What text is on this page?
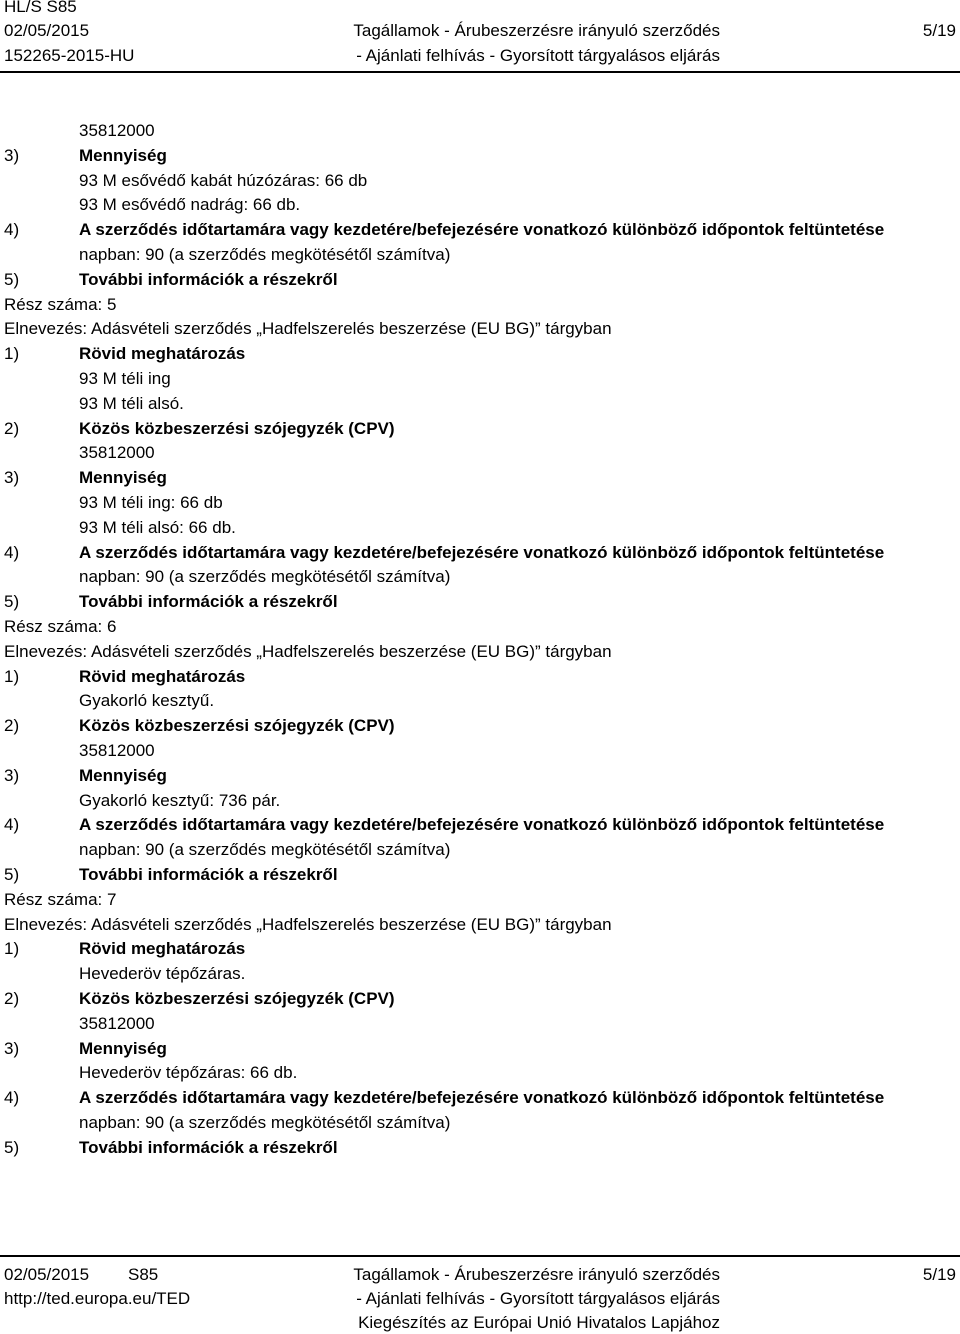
HL/S S85
02/05/2015
152265-2015-HU
Tagállamok - Árubeszerzésre irányuló szerződés
- Ajánlati felhívás - Gyorsított tárgyalásos eljárás
5/19
35812000
3)	Mennyiség
93 M esővédő kabát húzózáras: 66 db
93 M esővédő nadrág: 66 db.
4)	A szerződés időtartamára vagy kezdetére/befejezésére vonatkozó különböző időpontok feltüntetése
napban: 90 (a szerződés megkötésétől számítva)
5)	További információk a részekről
Rész száma: 5
Elnevezés: Adásvételi szerződés „Hadfelszerelés beszerzése (EU BG)” tárgyban
1)	Rövid meghatározás
93 M téli ing
93 M téli alsó.
2)	Közös közbeszerzési szójegyzék (CPV)
35812000
3)	Mennyiség
93 M téli ing: 66 db
93 M téli alsó: 66 db.
4)	A szerződés időtartamára vagy kezdetére/befejezésére vonatkozó különböző időpontok feltüntetése
napban: 90 (a szerződés megkötésétől számítva)
5)	További információk a részekről
Rész száma: 6
Elnevezés: Adásvételi szerződés „Hadfelszerelés beszerzése (EU BG)” tárgyban
1)	Rövid meghatározás
Gyakorló kesztyű.
2)	Közös közbeszerzési szójegyzék (CPV)
35812000
3)	Mennyiség
Gyakorló kesztyű: 736 pár.
4)	A szerződés időtartamára vagy kezdetére/befejezésére vonatkozó különböző időpontok feltüntetése
napban: 90 (a szerződés megkötésétől számítva)
5)	További információk a részekről
Rész száma: 7
Elnevezés: Adásvételi szerződés „Hadfelszerelés beszerzése (EU BG)” tárgyban
1)	Rövid meghatározás
Hevederöv tépőzáras.
2)	Közös közbeszerzési szójegyzék (CPV)
35812000
3)	Mennyiség
Hevederöv tépőzáras: 66 db.
4)	A szerződés időtartamára vagy kezdetére/befejezésére vonatkozó különböző időpontok feltüntetése
napban: 90 (a szerződés megkötésétől számítva)
5)	További információk a részekről
02/05/2015 S85
http://ted.europa.eu/TED
Tagállamok - Árubeszerzésre irányuló szerződés
- Ajánlati felhívás - Gyorsított tárgyalásos eljárás
Kiegészítés az Európai Unió Hivatalos Lapjához
5/19
